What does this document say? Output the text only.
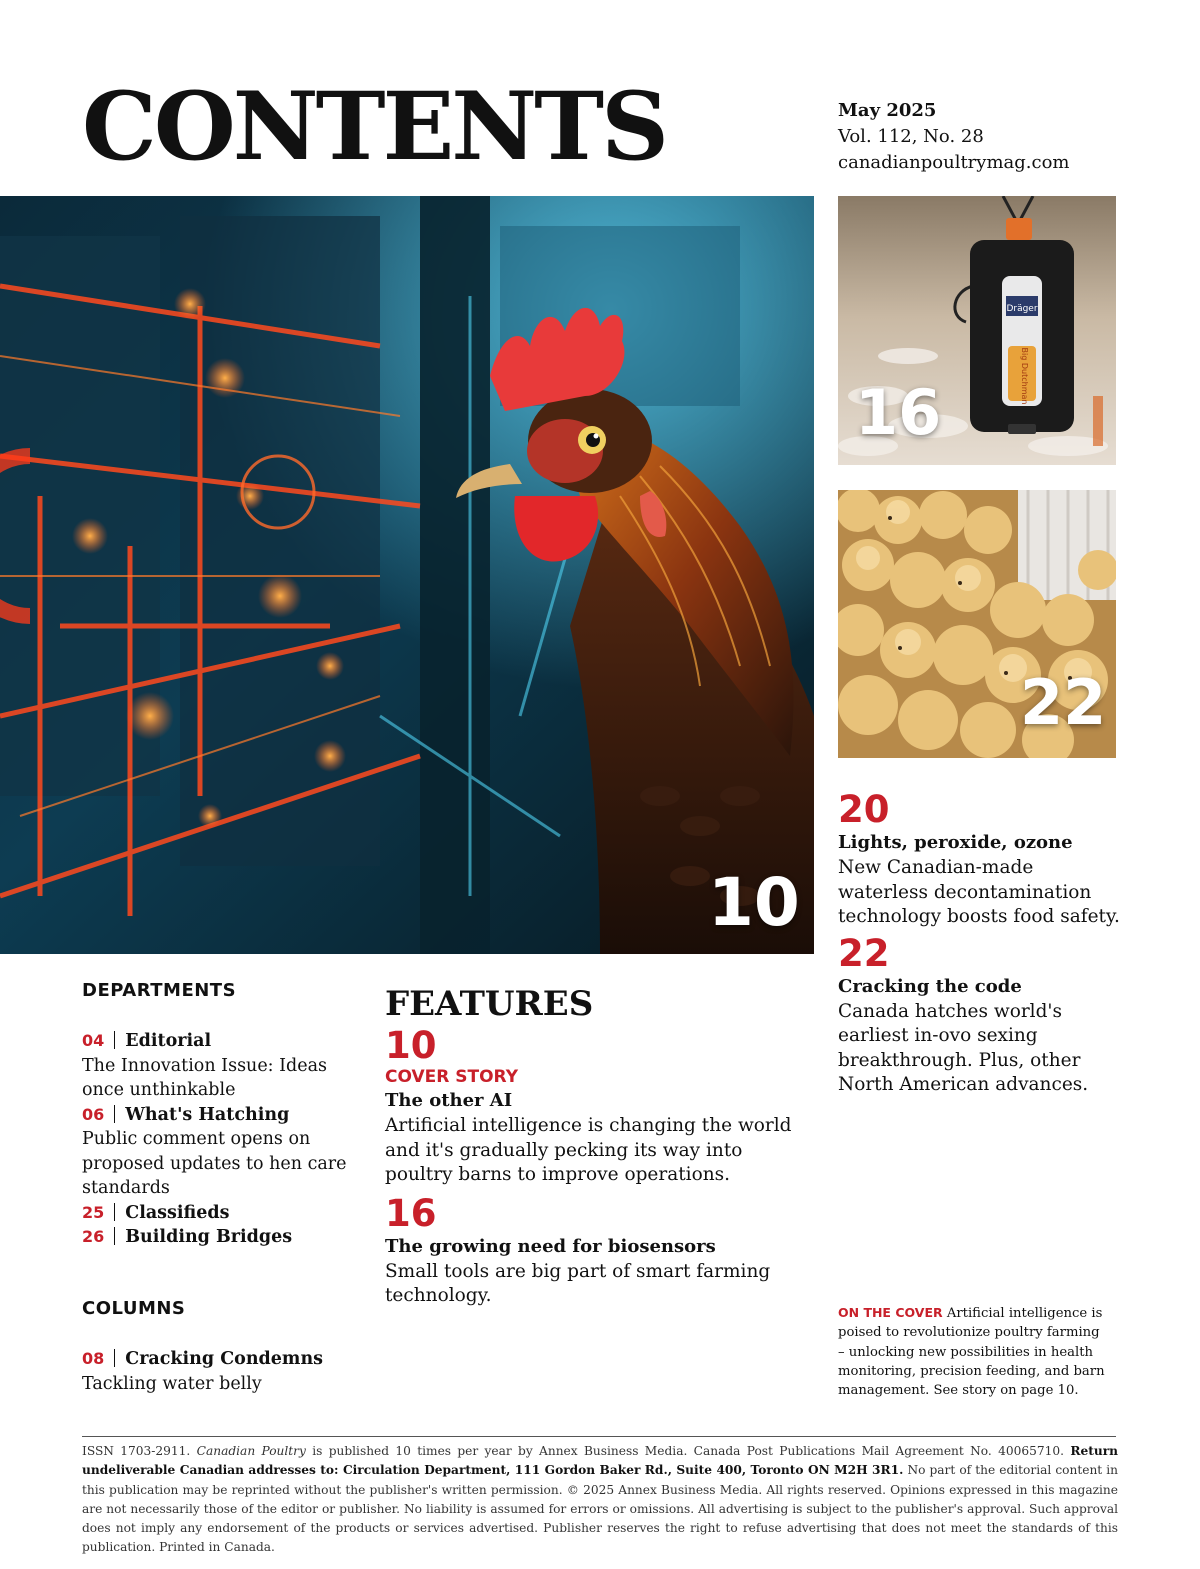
CONTENTS	May 2025
Vol. 112, No. 28
canadianpoultrymag.com
10
Dräger
Big Dutchman
16
22
20
Lights, peroxide, ozone
New Canadian-made waterless decontamination technology boosts food safety.
22
Cracking the code
Canada hatches world's earliest in-ovo sexing breakthrough. Plus, other North American advances.
DEPARTMENTS
04 Editorial
The Innovation Issue: Ideas once unthinkable
06 What's Hatching
Public comment opens on proposed updates to hen care standards
25 Classifieds
26 Building Bridges
COLUMNS
08 Cracking Condemns
Tackling water belly
FEATURES
10
COVER STORY
The other AI
Artificial intelligence is changing the world and it's gradually pecking its way into poultry barns to improve operations.
16
The growing need for biosensors
Small tools are big part of smart farming technology.
ON THE COVER Artificial intelligence is poised to revolutionize poultry farming – unlocking new possibilities in health monitoring, precision feeding, and barn management. See story on page 10.
ISSN 1703-2911. Canadian Poultry is published 10 times per year by Annex Business Media. Canada Post Publications Mail Agreement No. 40065710. Return undeliverable Canadian addresses to: Circulation Department, 111 Gordon Baker Rd., Suite 400, Toronto ON M2H 3R1. No part of the editorial content in this publication may be reprinted without the publisher's written permission. © 2025 Annex Business Media. All rights reserved. Opinions expressed in this magazine are not necessarily those of the editor or publisher. No liability is assumed for errors or omissions. All advertising is subject to the publisher's approval. Such approval does not imply any endorsement of the products or services advertised. Publisher reserves the right to refuse advertising that does not meet the standards of this publication. Printed in Canada.
